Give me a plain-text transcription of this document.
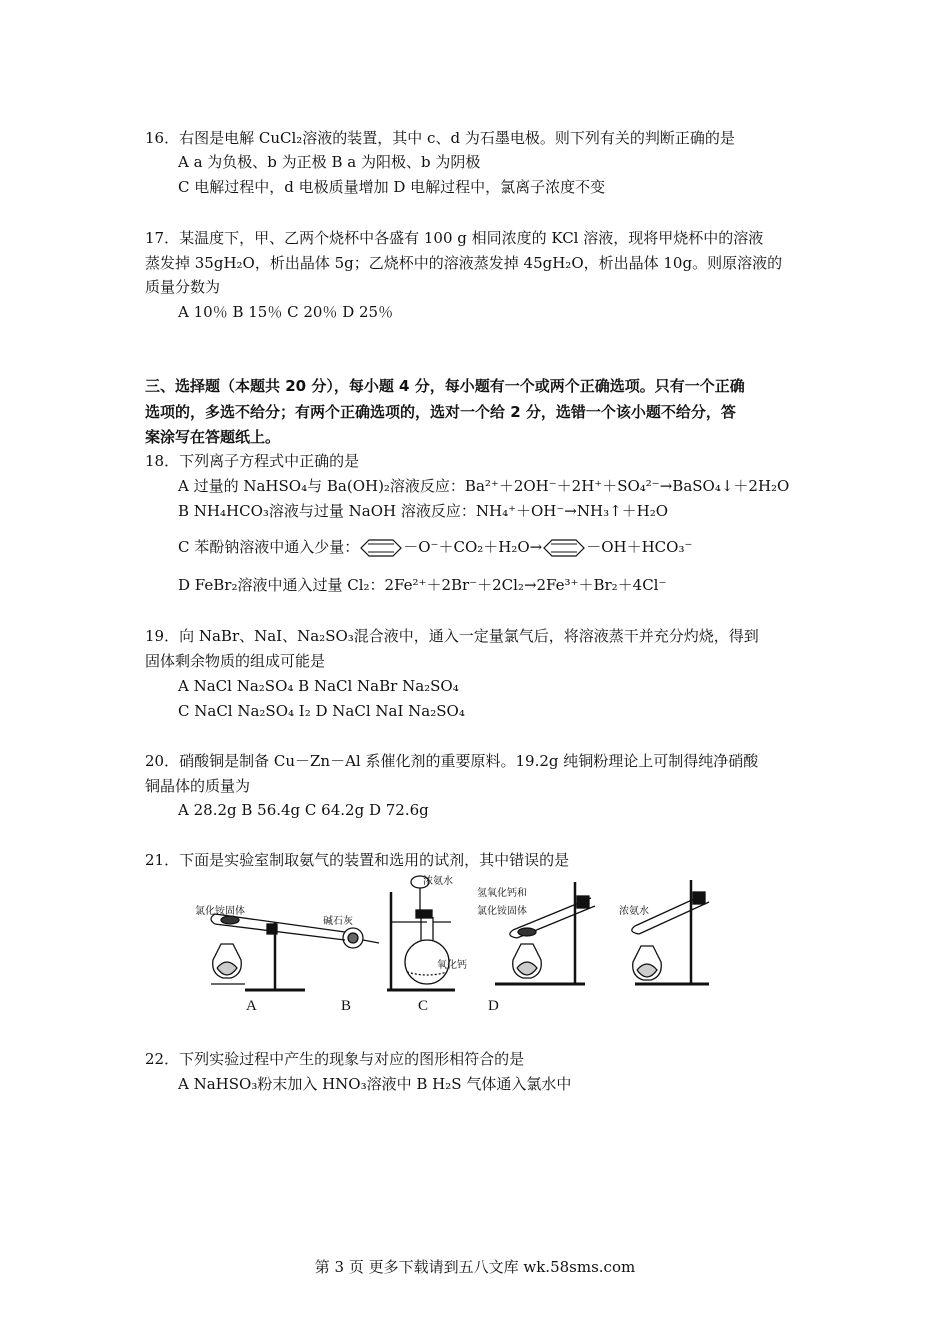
16．右图是电解 CuCl₂溶液的装置，其中 c、d 为石墨电极。则下列有关的判断正确的是
A a 为负极、b 为正极 B a 为阳极、b 为阴极
C 电解过程中，d 电极质量增加 D 电解过程中，氯离子浓度不变
17．某温度下，甲、乙两个烧杯中各盛有 100 g 相同浓度的 KCl 溶液，现将甲烧杯中的溶液
蒸发掉 35gH₂O，析出晶体 5g；乙烧杯中的溶液蒸发掉 45gH₂O，析出晶体 10g。则原溶液的
质量分数为
A 10％ B 15％ C 20％ D 25％
三、选择题（本题共 20 分），每小题 4 分，每小题有一个或两个正确选项。只有一个正确
选项的，多选不给分；有两个正确选项的，选对一个给 2 分，选错一个该小题不给分，答
案涂写在答题纸上。
18．下列离子方程式中正确的是
A 过量的 NaHSO₄与 Ba(OH)₂溶液反应：Ba²⁺＋2OH⁻＋2H⁺＋SO₄²⁻→BaSO₄↓＋2H₂O
B NH₄HCO₃溶液与过量 NaOH 溶液反应：NH₄⁺＋OH⁻→NH₃↑＋H₂O
C 苯酚钠溶液中通入少量：	－O⁻＋CO₂＋H₂O→	－OH＋HCO₃⁻
D FeBr₂溶液中通入过量 Cl₂：2Fe²⁺＋2Br⁻＋2Cl₂→2Fe³⁺＋Br₂＋4Cl⁻
19．向 NaBr、NaI、Na₂SO₃混合液中，通入一定量氯气后，将溶液蒸干并充分灼烧，得到
固体剩余物质的组成可能是
A NaCl Na₂SO₄ B NaCl NaBr Na₂SO₄
C NaCl Na₂SO₄ I₂ D NaCl NaI Na₂SO₄
20．硝酸铜是制备 Cu－Zn－Al 系催化剂的重要原料。19.2g 纯铜粉理论上可制得纯净硝酸
铜晶体的质量为
A 28.2g B 56.4g C 64.2g D 72.6g
21．下面是实验室制取氨气的装置和选用的试剂，其中错误的是
氯化铵固体
碱石灰
浓氨水
氧化钙
氢氧化钙和
氯化铵固体	浓氨水
A	B	C	D
22．下列实验过程中产生的现象与对应的图形相符合的是
A NaHSO₃粉末加入 HNO₃溶液中 B H₂S 气体通入氯水中
第 3 页 更多下载请到五八文库 wk.58sms.com
